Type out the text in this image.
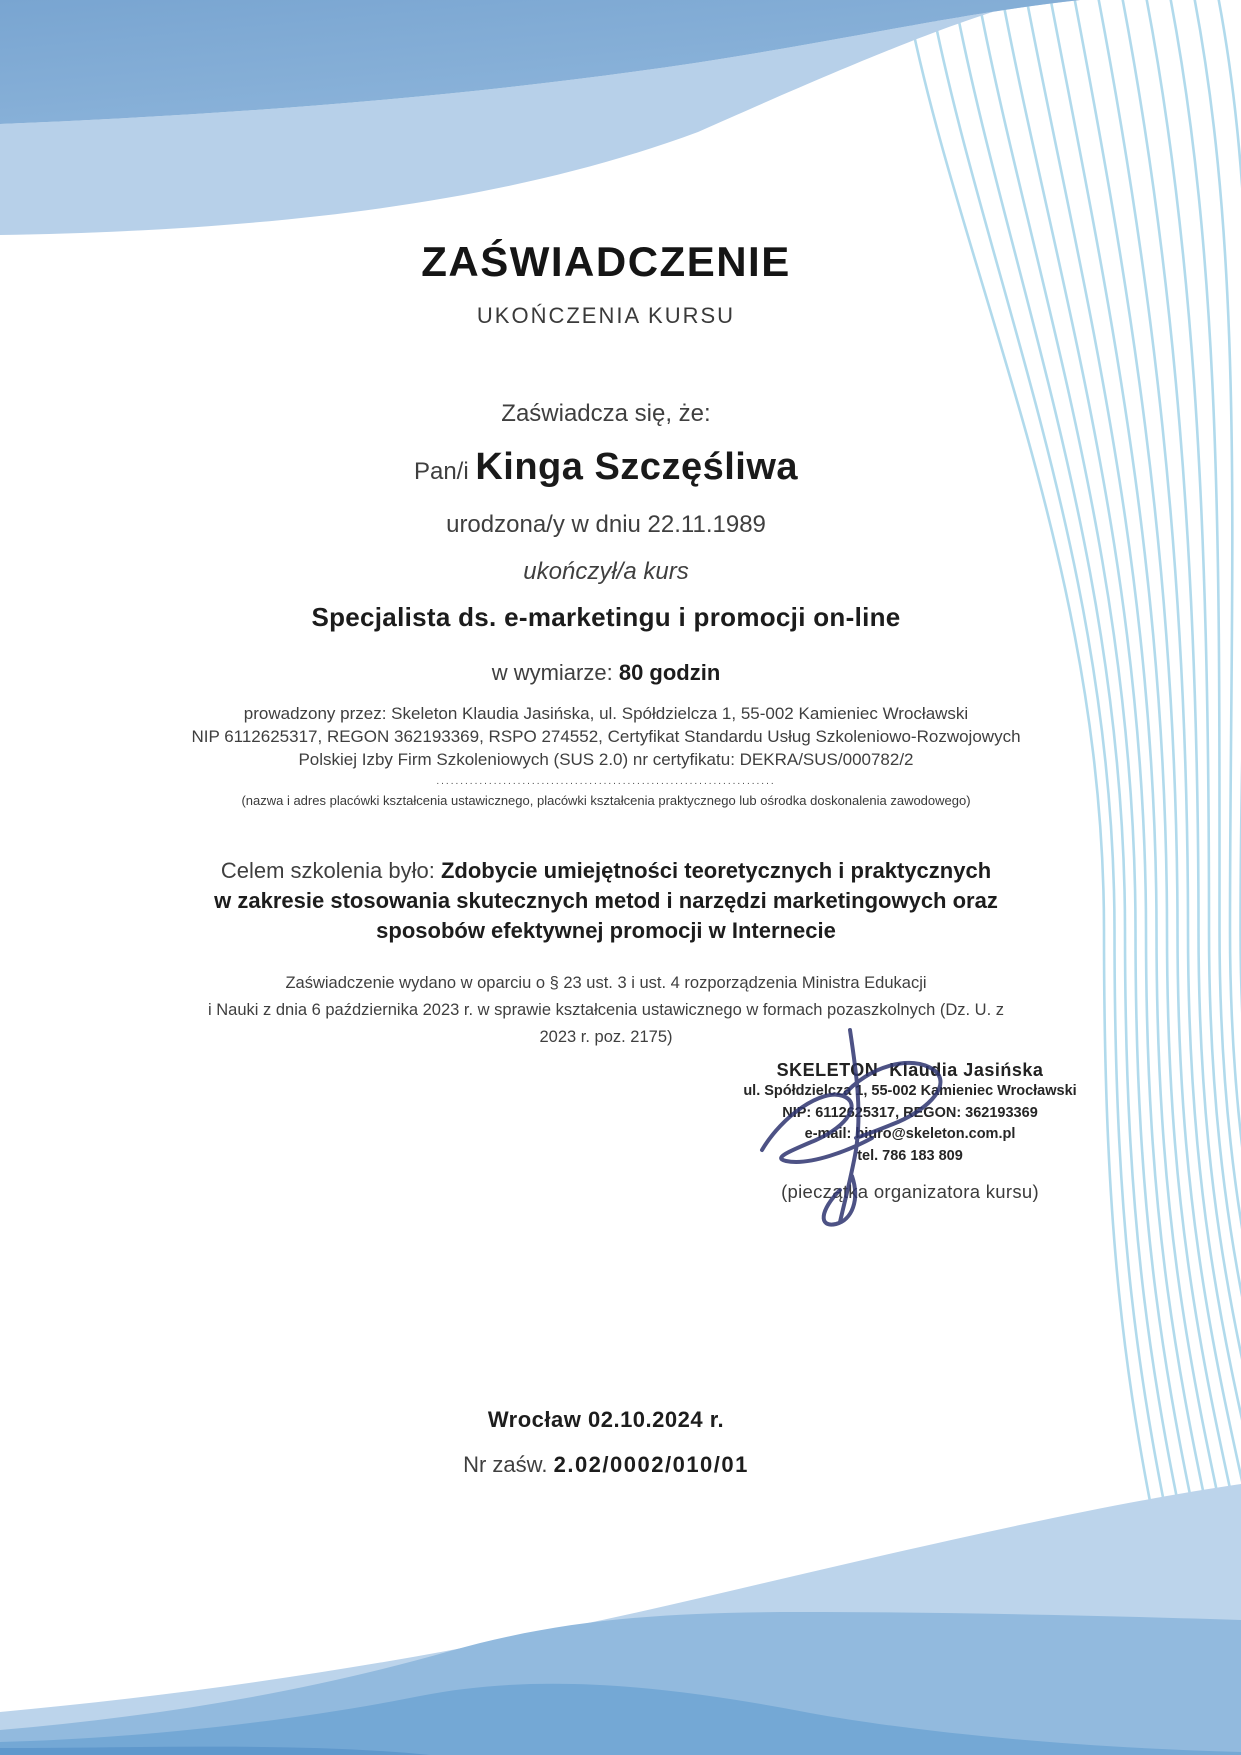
ZAŚWIADCZENIE
UKOŃCZENIA KURSU
Zaświadcza się, że:
Pan/i Kinga Szczęśliwa
urodzona/y w dniu 22.11.1989
ukończył/a kurs
Specjalista ds. e-marketingu i promocji on-line
w wymiarze: 80 godzin
prowadzony przez: Skeleton Klaudia Jasińska, ul. Spółdzielcza 1, 55-002 Kamieniec Wrocławski
NIP 6112625317, REGON 362193369, RSPO 274552, Certyfikat Standardu Usług Szkoleniowo-Rozwojowych
Polskiej Izby Firm Szkoleniowych (SUS 2.0) nr certyfikatu: DEKRA/SUS/000782/2
.......................................................................
(nazwa i adres placówki kształcenia ustawicznego, placówki kształcenia praktycznego lub ośrodka doskonalenia zawodowego)
Celem szkolenia było: Zdobycie umiejętności teoretycznych i praktycznych
w zakresie stosowania skutecznych metod i narzędzi marketingowych oraz
sposobów efektywnej promocji w Internecie
Zaświadczenie wydano w oparciu o § 23 ust. 3 i ust. 4 rozporządzenia Ministra Edukacji
i Nauki z dnia 6 października 2023 r. w sprawie kształcenia ustawicznego w formach pozaszkolnych (Dz. U. z
2023 r. poz. 2175)
Wrocław 02.10.2024 r.
Nr zaśw. 2.02/0002/010/01
SKELETON  Klaudia Jasińska
ul. Spółdzielcza 1, 55-002 Kamieniec Wrocławski
NIP: 6112625317, REGON: 362193369
e-mail: biuro@skeleton.com.pl
tel. 786 183 809
(pieczątka organizatora kursu)
